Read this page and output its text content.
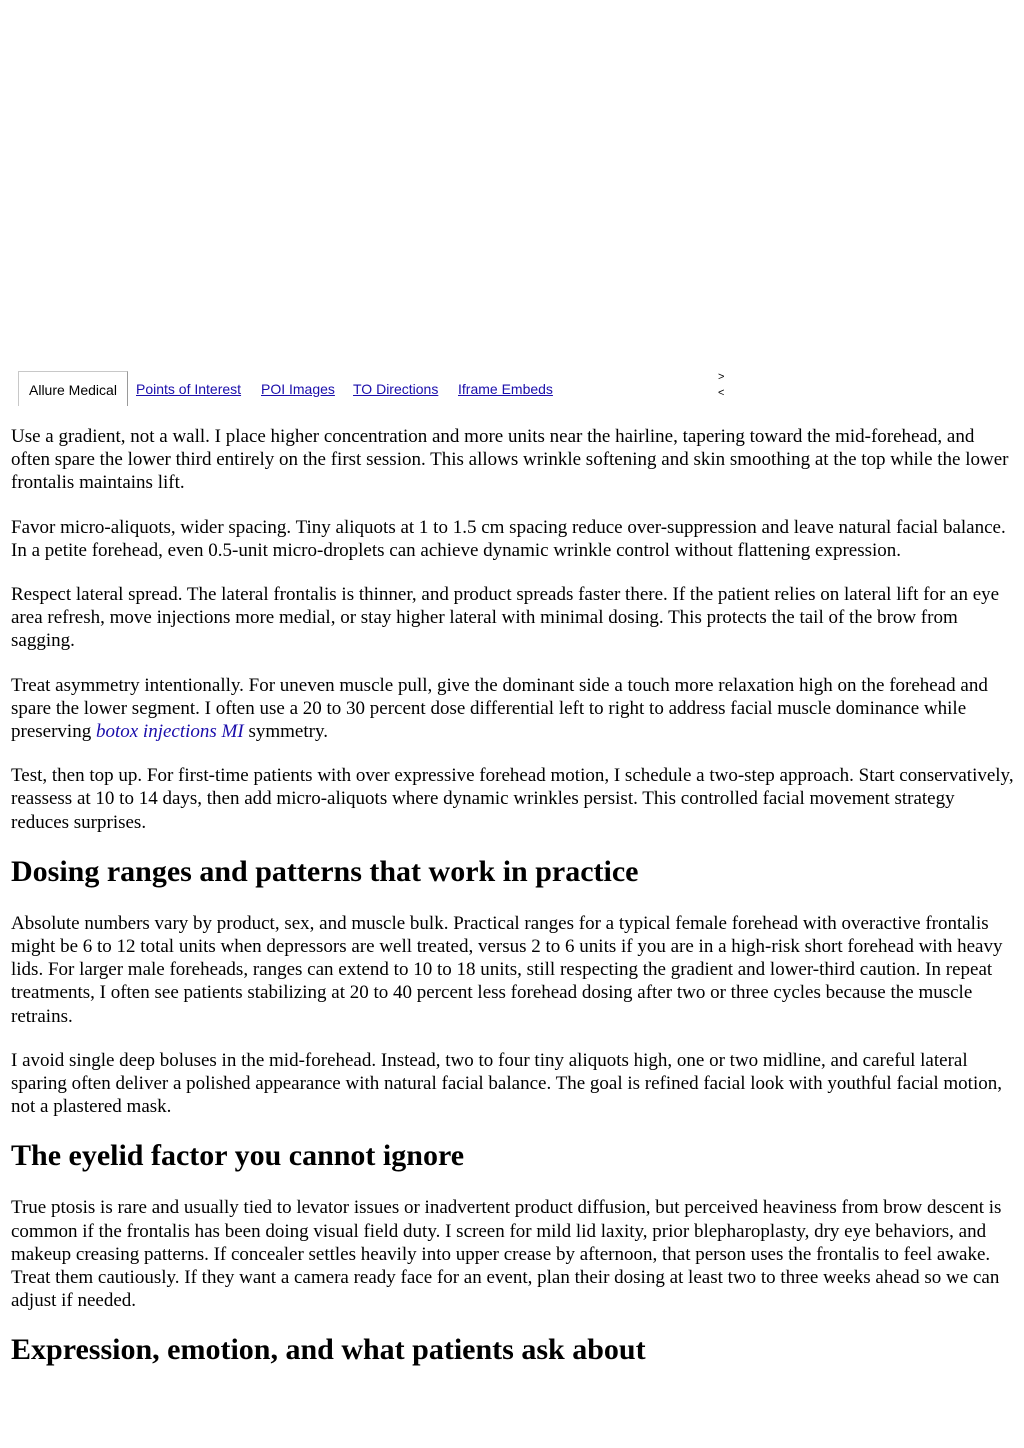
Allure Medical	Points of Interest POI Images TO Directions Iframe Embeds
>
<

Use a gradient, not a wall. I place higher concentration and more units near the hairline, tapering toward the mid-forehead, and often spare the lower third entirely on the first session. This allows wrinkle softening and skin smoothing at the top while the lower frontalis maintains lift.

Favor micro-aliquots, wider spacing. Tiny aliquots at 1 to 1.5 cm spacing reduce over-suppression and leave natural facial balance. In a petite forehead, even 0.5-unit micro-droplets can achieve dynamic wrinkle control without flattening expression.

Respect lateral spread. The lateral frontalis is thinner, and product spreads faster there. If the patient relies on lateral lift for an eye area refresh, move injections more medial, or stay higher lateral with minimal dosing. This protects the tail of the brow from sagging.

Treat asymmetry intentionally. For uneven muscle pull, give the dominant side a touch more relaxation high on the forehead and spare the lower segment. I often use a 20 to 30 percent dose differential left to right to address facial muscle dominance while preserving botox injections MI symmetry.

Test, then top up. For first-time patients with over expressive forehead motion, I schedule a two-step approach. Start conservatively, reassess at 10 to 14 days, then add micro-aliquots where dynamic wrinkles persist. This controlled facial movement strategy reduces surprises.

Dosing ranges and patterns that work in practice

Absolute numbers vary by product, sex, and muscle bulk. Practical ranges for a typical female forehead with overactive frontalis might be 6 to 12 total units when depressors are well treated, versus 2 to 6 units if you are in a high-risk short forehead with heavy lids. For larger male foreheads, ranges can extend to 10 to 18 units, still respecting the gradient and lower-third caution. In repeat treatments, I often see patients stabilizing at 20 to 40 percent less forehead dosing after two or three cycles because the muscle retrains.

I avoid single deep boluses in the mid-forehead. Instead, two to four tiny aliquots high, one or two midline, and careful lateral sparing often deliver a polished appearance with natural facial balance. The goal is refined facial look with youthful facial motion, not a plastered mask.

The eyelid factor you cannot ignore

True ptosis is rare and usually tied to levator issues or inadvertent product diffusion, but perceived heaviness from brow descent is common if the frontalis has been doing visual field duty. I screen for mild lid laxity, prior blepharoplasty, dry eye behaviors, and makeup creasing patterns. If concealer settles heavily into upper crease by afternoon, that person uses the frontalis to feel awake. Treat them cautiously. If they want a camera ready face for an event, plan their dosing at least two to three weeks ahead so we can adjust if needed.

Expression, emotion, and what patients ask about
